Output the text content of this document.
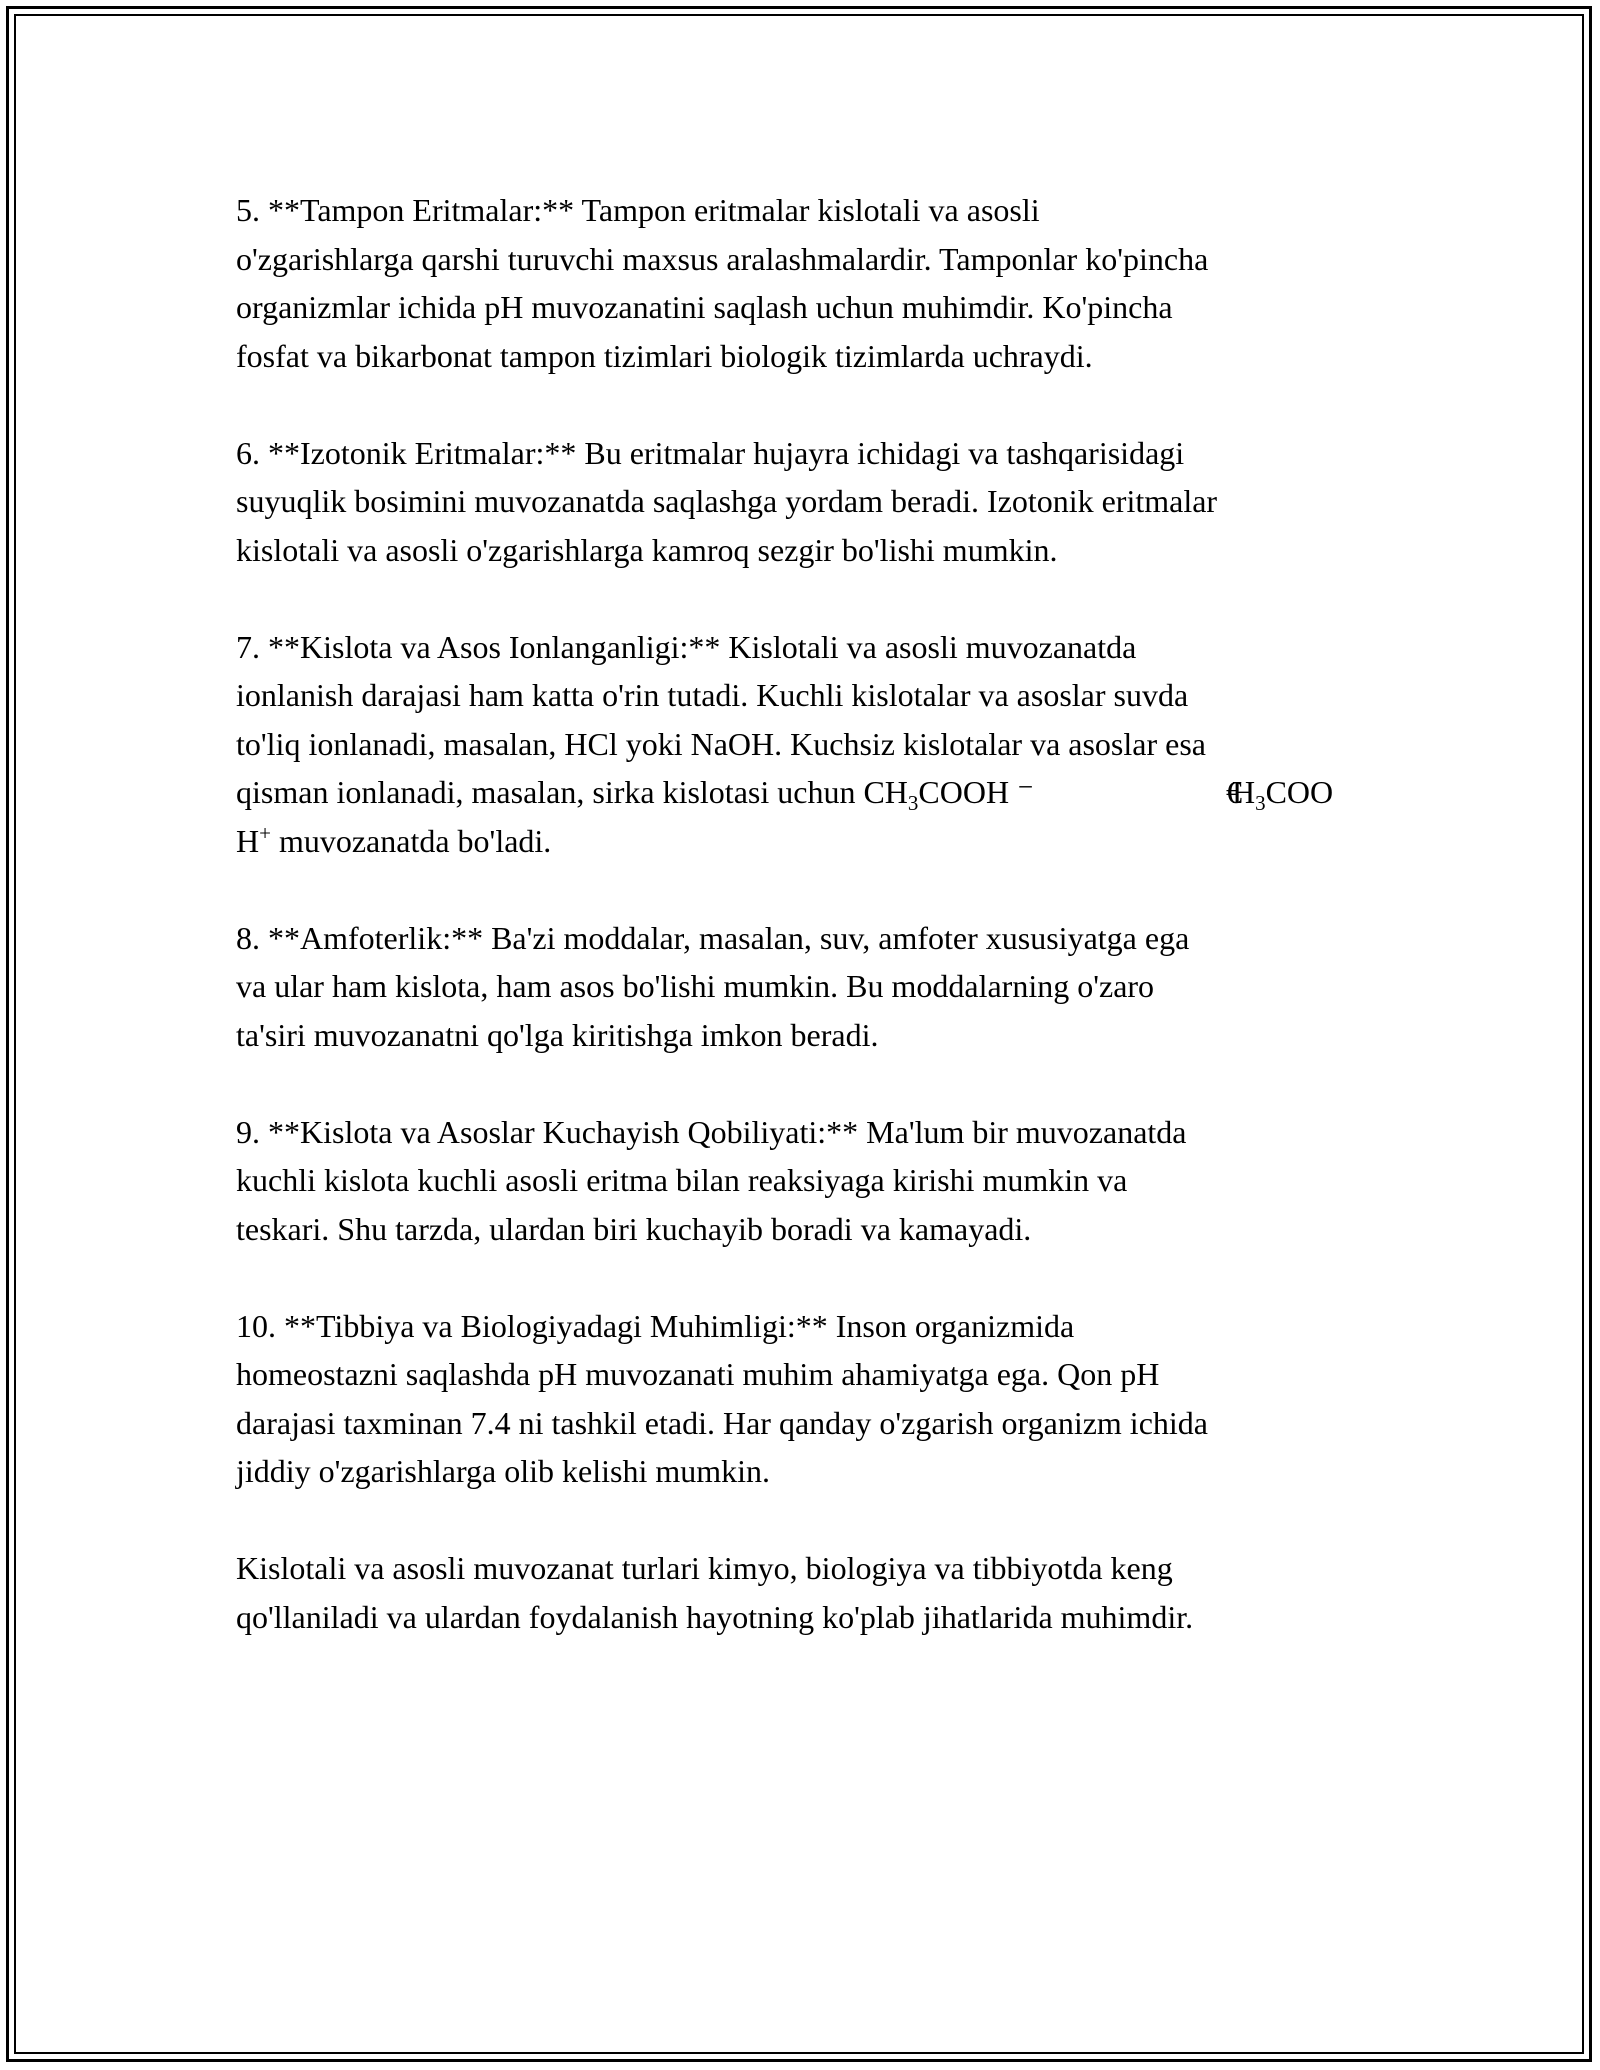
5. **Tampon Eritmalar:** Tampon eritmalar kislotali va asosli
o'zgarishlarga qarshi turuvchi maxsus aralashmalardir. Tamponlar ko'pincha
organizmlar ichida pH muvozanatini saqlash uchun muhimdir. Ko'pincha
fosfat va bikarbonat tampon tizimlari biologik tizimlarda uchraydi.

6. **Izotonik Eritmalar:** Bu eritmalar hujayra ichidagi va tashqarisidagi
suyuqlik bosimini muvozanatda saqlashga yordam beradi. Izotonik eritmalar
kislotali va asosli o'zgarishlarga kamroq sezgir bo'lishi mumkin.

7. **Kislota va Asos Ionlanganligi:** Kislotali va asosli muvozanatda
ionlanish darajasi ham katta o'rin tutadi. Kuchli kislotalar va asoslar suvda
to'liq ionlanadi, masalan, HCl yoki NaOH. Kuchsiz kislotalar va asoslar esa
qisman ionlanadi, masalan, sirka kislotasi uchun $CH_3COOH$ ⁻	$€H_3COO$
H+ muvozanatda bo'ladi.

8. **Amfoterlik:** Ba'zi moddalar, masalan, suv, amfoter xususiyatga ega
va ular ham kislota, ham asos bo'lishi mumkin. Bu moddalarning o'zaro
ta'siri muvozanatni qo'lga kiritishga imkon beradi.

9. **Kislota va Asoslar Kuchayish Qobiliyati:** Ma'lum bir muvozanatda
kuchli kislota kuchli asosli eritma bilan reaksiyaga kirishi mumkin va
teskari. Shu tarzda, ulardan biri kuchayib boradi va kamayadi.

10. **Tibbiya va Biologiyadagi Muhimligi:** Inson organizmida
homeostazni saqlashda pH muvozanati muhim ahamiyatga ega. Qon pH
darajasi taxminan 7.4 ni tashkil etadi. Har qanday o'zgarish organizm ichida
jiddiy o'zgarishlarga olib kelishi mumkin.

Kislotali va asosli muvozanat turlari kimyo, biologiya va tibbiyotda keng
qo'llaniladi va ulardan foydalanish hayotning ko'plab jihatlarida muhimdir.
